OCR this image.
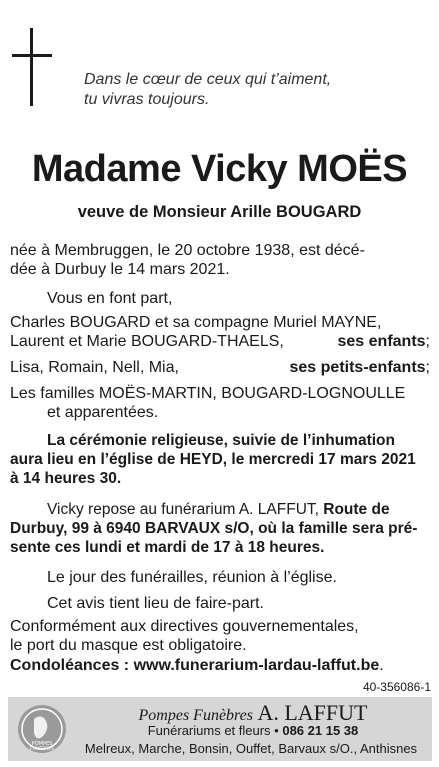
Dans le cœur de ceux qui t’aiment,
tu vivras toujours.
Madame Vicky MOËS
veuve de Monsieur Arille BOUGARD
née à Membruggen, le 20 octobre 1938, est décé-
dée à Durbuy le 14 mars 2021.
Vous en font part,
Charles BOUGARD et sa compagne Muriel MAYNE,
Laurent et Marie BOUGARD-THAELS,	ses enfants;
Lisa, Romain, Nell, Mia,	ses petits-enfants;
Les familles MOËS-MARTIN, BOUGARD-LOGNOULLE
et apparentées.
La cérémonie religieuse, suivie de l’inhumation
aura lieu en l’église de HEYD, le mercredi 17 mars 2021
à 14 heures 30.
Vicky repose au funérarium A. LAFFUT, Route de
Durbuy, 99 à 6940 BARVAUX s/O, où la famille sera pré-
sente ces lundi et mardi de 17 à 18 heures.
Le jour des funérailles, réunion à l’église.
Cet avis tient lieu de faire-part.
Conformément aux directives gouvernementales,
le port du masque est obligatoire.
Condoléances : www.funerarium-lardau-laffut.be.
40-356086-1
POMPES
FUNÈBRES
Pompes Funèbres A. LAFFUT
Funérariums et fleurs • 086 21 15 38
Melreux, Marche, Bonsin, Ouffet, Barvaux s/O., Anthisnes
